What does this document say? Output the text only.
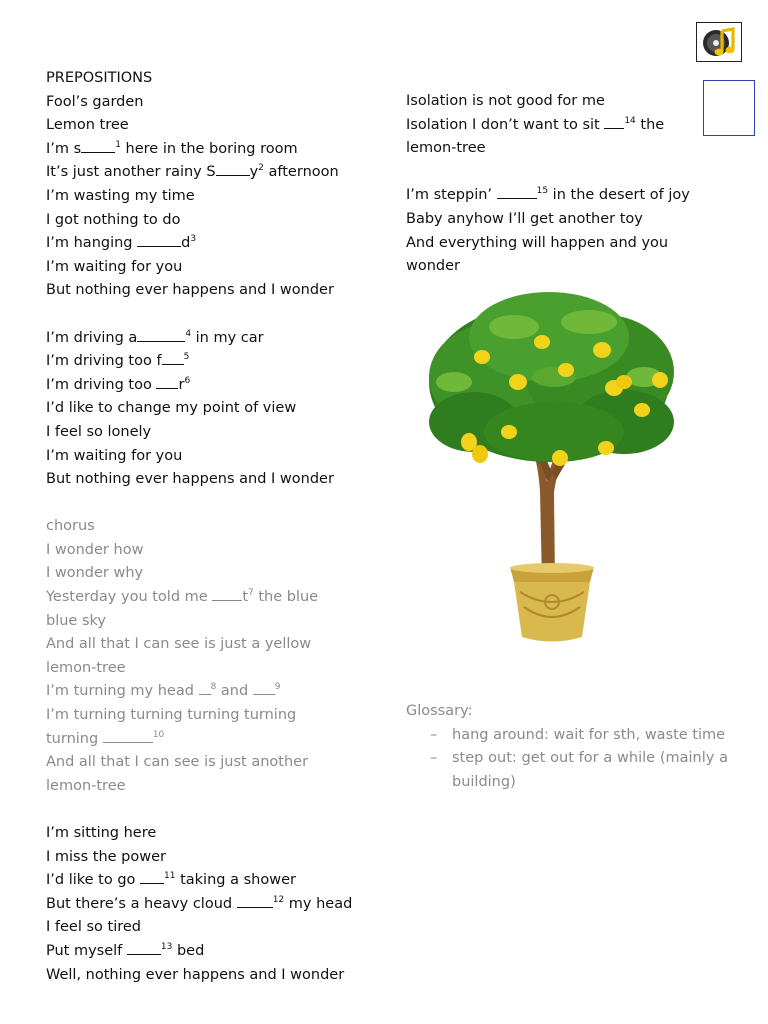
PREPOSITIONS
Fool’s garden
Lemon tree
I’m s	$^1$ here in the boring room
It’s just another rainy S $y^2$ afternoon
I’m wasting my time
I got nothing to do
I’m hanging	$d^3$
I’m waiting for you
But nothing ever happens and I wonder
I’m driving a	$^4$ in my car
I’m driving too f $^5$
I’m driving too $r^6$
I’d like to change my point of view
I feel so lonely
I’m waiting for you
But nothing ever happens and I wonder
chorus
I wonder how
I wonder why
Yesterday you told me $t^7$ the blue
blue sky
And all that I can see is just a yellow
lemon-tree
I’m turning my head $^8$ and $^9$
I’m turning turning turning turning
turning	$^{10}$
And all that I can see is just another
lemon-tree
I’m sitting here
I miss the power
I’d like to go	$^{11}$ taking a shower
But there’s a heavy cloud	$^{12}$ my head
I feel so tired
Put myself	$^{13}$ bed
Well, nothing ever happens and I wonder
Isolation is not good for me
Isolation I don’t want to sit $^{14}$ the
lemon-tree
I’m steppin’	$^{15}$ in the desert of joy
Baby anyhow I’ll get another toy
And everything will happen and you
wonder
Glossary:
– hang around: wait for sth, waste time
– step out: get out for a while (mainly a building)
